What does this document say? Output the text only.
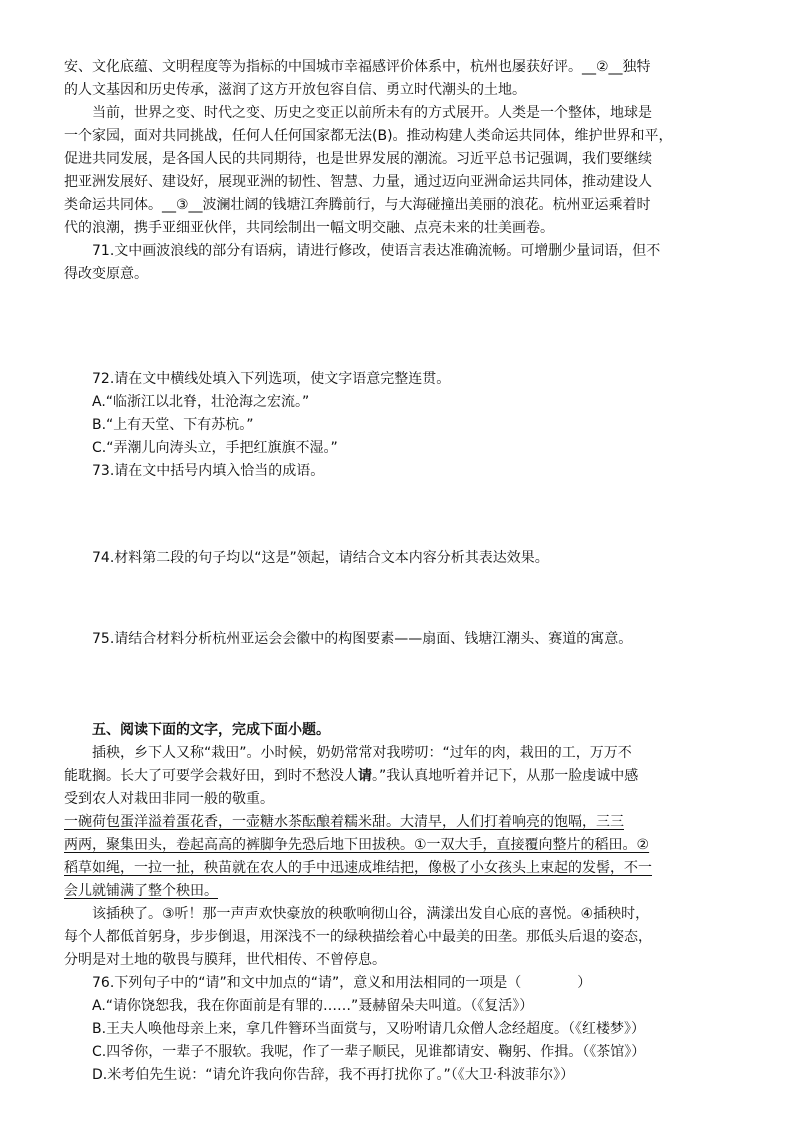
安、文化底蕴、文明程度等为指标的中国城市幸福感评价体系中，杭州也屡获好评。__②__独特
的人文基因和历史传承，滋润了这方开放包容自信、勇立时代潮头的土地。
当前，世界之变、时代之变、历史之变正以前所未有的方式展开。人类是一个整体，地球是
一个家园，面对共同挑战，任何人任何国家都无法(B)。推动构建人类命运共同体，维护世界和平，
促进共同发展，是各国人民的共同期待，也是世界发展的潮流。习近平总书记强调，我们要继续
把亚洲发展好、建设好，展现亚洲的韧性、智慧、力量，通过迈向亚洲命运共同体，推动建设人
类命运共同体。__③__波澜壮阔的钱塘江奔腾前行，与大海碰撞出美丽的浪花。杭州亚运乘着时
代的浪潮，携手亚细亚伙伴，共同绘制出一幅文明交融、点亮未来的壮美画卷。
71.文中画波浪线的部分有语病，请进行修改，使语言表达准确流畅。可增删少量词语，但不
得改变原意。
72.请在文中横线处填入下列选项，使文字语意完整连贯。
A.“临浙江以北脊，壮沧海之宏流。”
B.“上有天堂、下有苏杭。”
C.“弄潮儿向涛头立，手把红旗旗不湿。”
73.请在文中括号内填入恰当的成语。
74.材料第二段的句子均以“这是”领起，请结合文本内容分析其表达效果。
75.请结合材料分析杭州亚运会会徽中的构图要素——扇面、钱塘江潮头、赛道的寓意。
五、阅读下面的文字，完成下面小题。
插秧，乡下人又称“栽田”。小时候，奶奶常常对我唠叨：“过年的肉，栽田的工，万万不
能耽搁。长大了可要学会栽好田，到时不愁没人请。”我认真地听着并记下，从那一脸虔诚中感
受到农人对栽田非同一般的敬重。
一碗荷包蛋洋溢着蛋花香，一壶糖水茶酝酿着糯米甜。大清早，人们打着响亮的饱嗝，三三
两两，聚集田头，卷起高高的裤脚争先恐后地下田拔秧。①一双大手，直接覆向整片的稻田。②
稻草如绳，一拉一扯，秧苗就在农人的手中迅速成堆结把，像极了小女孩头上束起的发髻，不一
会儿就铺满了整个秧田。
该插秧了。③听！那一声声欢快豪放的秧歌响彻山谷，满漾出发自心底的喜悦。④插秧时，
每个人都低首躬身，步步倒退，用深浅不一的绿秧描绘着心中最美的田垄。那低头后退的姿态，
分明是对土地的敬畏与膜拜，世代相传、不曾停息。
76.下列句子中的“请”和文中加点的“请”，意义和用法相同的一项是（　　　　）
A.“请你饶恕我，我在你面前是有罪的……”聂赫留朵夫叫道。（《复活》）
B.王夫人唤他母亲上来，拿几件簪环当面赏与，又吩咐请几众僧人念经超度。（《红楼梦》）
C.四爷你，一辈子不服软。我呢，作了一辈子顺民，见谁都请安、鞠躬、作揖。（《茶馆》）
D.米考伯先生说：“请允许我向你告辞，我不再打扰你了。”（《大卫·科波菲尔》）
